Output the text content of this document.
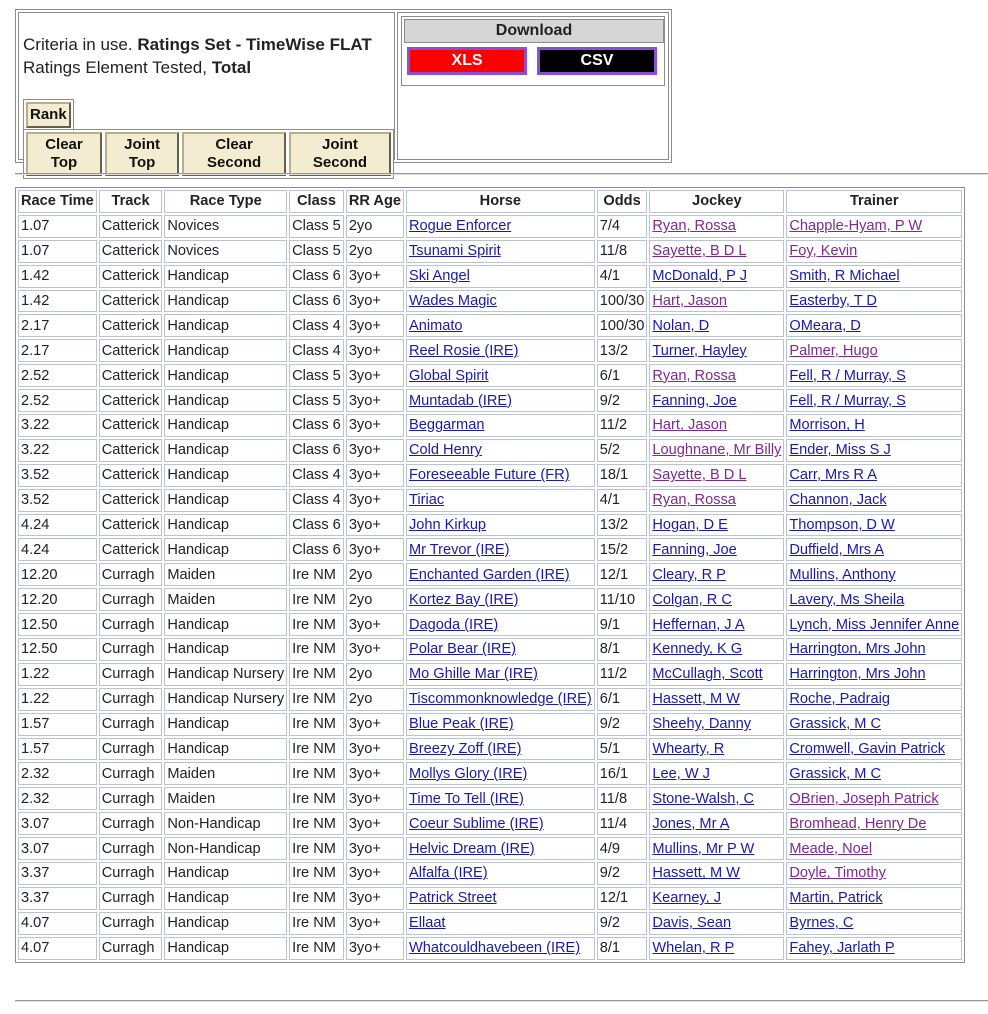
Criteria in use. Ratings Set - TimeWise FLAT
Ratings Element Tested, Total
Rank
Clear Top
Joint Top
Clear Second
Joint Second
Download
XLS	CSV
Race Time	Track	Race Type	Class	RR Age	Horse	Odds	Jockey	Trainer
1.07	Catterick	Novices	Class 5	2yo	Rogue Enforcer	7/4	Ryan, Rossa	Chapple-Hyam, P W
1.07	Catterick	Novices	Class 5	2yo	Tsunami Spirit	11/8	Sayette, B D L	Foy, Kevin
1.42	Catterick	Handicap	Class 6	3yo+	Ski Angel	4/1	McDonald, P J	Smith, R Michael
1.42	Catterick	Handicap	Class 6	3yo+	Wades Magic	100/30	Hart, Jason	Easterby, T D
2.17	Catterick	Handicap	Class 4	3yo+	Animato	100/30	Nolan, D	OMeara, D
2.17	Catterick	Handicap	Class 4	3yo+	Reel Rosie (IRE)	13/2	Turner, Hayley	Palmer, Hugo
2.52	Catterick	Handicap	Class 5	3yo+	Global Spirit	6/1	Ryan, Rossa	Fell, R / Murray, S
2.52	Catterick	Handicap	Class 5	3yo+	Muntadab (IRE)	9/2	Fanning, Joe	Fell, R / Murray, S
3.22	Catterick	Handicap	Class 6	3yo+	Beggarman	11/2	Hart, Jason	Morrison, H
3.22	Catterick	Handicap	Class 6	3yo+	Cold Henry	5/2	Loughnane, Mr Billy	Ender, Miss S J
3.52	Catterick	Handicap	Class 4	3yo+	Foreseeable Future (FR)	18/1	Sayette, B D L	Carr, Mrs R A
3.52	Catterick	Handicap	Class 4	3yo+	Tiriac	4/1	Ryan, Rossa	Channon, Jack
4.24	Catterick	Handicap	Class 6	3yo+	John Kirkup	13/2	Hogan, D E	Thompson, D W
4.24	Catterick	Handicap	Class 6	3yo+	Mr Trevor (IRE)	15/2	Fanning, Joe	Duffield, Mrs A
12.20	Curragh	Maiden	Ire NM	2yo	Enchanted Garden (IRE)	12/1	Cleary, R P	Mullins, Anthony
12.20	Curragh	Maiden	Ire NM	2yo	Kortez Bay (IRE)	11/10	Colgan, R C	Lavery, Ms Sheila
12.50	Curragh	Handicap	Ire NM	3yo+	Dagoda (IRE)	9/1	Heffernan, J A	Lynch, Miss Jennifer Anne
12.50	Curragh	Handicap	Ire NM	3yo+	Polar Bear (IRE)	8/1	Kennedy, K G	Harrington, Mrs John
1.22	Curragh	Handicap Nursery	Ire NM	2yo	Mo Ghille Mar (IRE)	11/2	McCullagh, Scott	Harrington, Mrs John
1.22	Curragh	Handicap Nursery	Ire NM	2yo	Tiscommonknowledge (IRE)	6/1	Hassett, M W	Roche, Padraig
1.57	Curragh	Handicap	Ire NM	3yo+	Blue Peak (IRE)	9/2	Sheehy, Danny	Grassick, M C
1.57	Curragh	Handicap	Ire NM	3yo+	Breezy Zoff (IRE)	5/1	Whearty, R	Cromwell, Gavin Patrick
2.32	Curragh	Maiden	Ire NM	3yo+	Mollys Glory (IRE)	16/1	Lee, W J	Grassick, M C
2.32	Curragh	Maiden	Ire NM	3yo+	Time To Tell (IRE)	11/8	Stone-Walsh, C	OBrien, Joseph Patrick
3.07	Curragh	Non-Handicap	Ire NM	3yo+	Coeur Sublime (IRE)	11/4	Jones, Mr A	Bromhead, Henry De
3.07	Curragh	Non-Handicap	Ire NM	3yo+	Helvic Dream (IRE)	4/9	Mullins, Mr P W	Meade, Noel
3.37	Curragh	Handicap	Ire NM	3yo+	Alfalfa (IRE)	9/2	Hassett, M W	Doyle, Timothy
3.37	Curragh	Handicap	Ire NM	3yo+	Patrick Street	12/1	Kearney, J	Martin, Patrick
4.07	Curragh	Handicap	Ire NM	3yo+	Ellaat	9/2	Davis, Sean	Byrnes, C
4.07	Curragh	Handicap	Ire NM	3yo+	Whatcouldhavebeen (IRE)	8/1	Whelan, R P	Fahey, Jarlath P
